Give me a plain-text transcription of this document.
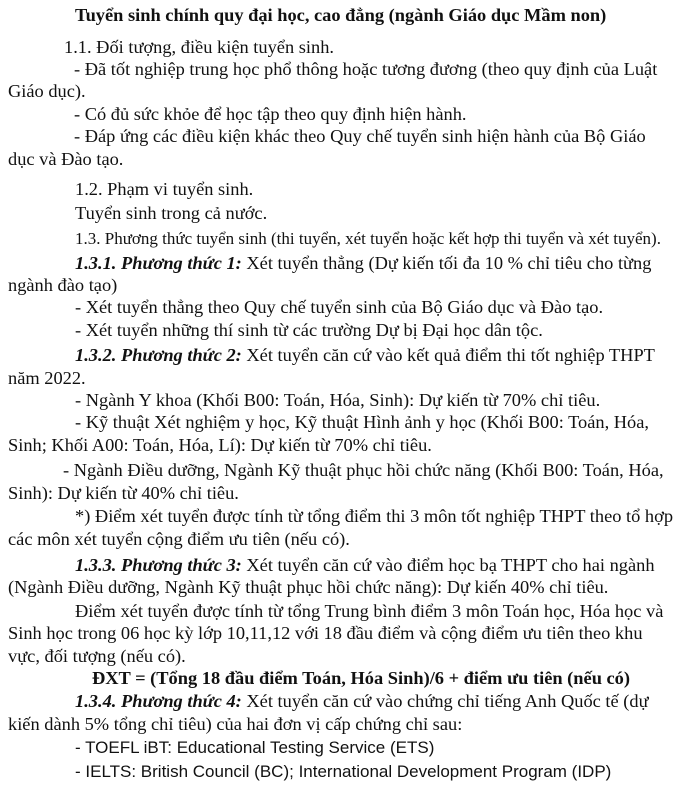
Tuyển sinh chính quy đại học, cao đẳng (ngành Giáo dục Mầm non)
1.1. Đối tượng, điều kiện tuyển sinh.
- Đã tốt nghiệp trung học phổ thông hoặc tương đương (theo quy định của Luật
Giáo dục).
- Có đủ sức khỏe để học tập theo quy định hiện hành.
- Đáp ứng các điều kiện khác theo Quy chế tuyển sinh hiện hành của Bộ Giáo
dục và Đào tạo.
1.2. Phạm vi tuyển sinh.
Tuyển sinh trong cả nước.
1.3. Phương thức tuyển sinh (thi tuyển, xét tuyển hoặc kết hợp thi tuyển và xét tuyển).
1.3.1. Phương thức 1: Xét tuyển thẳng (Dự kiến tối đa 10 % chỉ tiêu cho từng
ngành đào tạo)
- Xét tuyển thẳng theo Quy chế tuyển sinh của Bộ Giáo dục và Đào tạo.
- Xét tuyển những thí sinh từ các trường Dự bị Đại học dân tộc.
1.3.2. Phương thức 2: Xét tuyển căn cứ vào kết quả điểm thi tốt nghiệp THPT
năm 2022.
- Ngành Y khoa (Khối B00: Toán, Hóa, Sinh): Dự kiến từ 70% chỉ tiêu.
- Kỹ thuật Xét nghiệm y học, Kỹ thuật Hình ảnh y học (Khối B00: Toán, Hóa,
Sinh; Khối A00: Toán, Hóa, Lí): Dự kiến từ 70% chỉ tiêu.
- Ngành Điều dưỡng, Ngành Kỹ thuật phục hồi chức năng (Khối B00: Toán, Hóa,
Sinh): Dự kiến từ 40% chỉ tiêu.
*) Điểm xét tuyển được tính từ tổng điểm thi 3 môn tốt nghiệp THPT theo tổ hợp
các môn xét tuyển cộng điểm ưu tiên (nếu có).
1.3.3. Phương thức 3: Xét tuyển căn cứ vào điểm học bạ THPT cho hai ngành
(Ngành Điều dưỡng, Ngành Kỹ thuật phục hồi chức năng): Dự kiến 40% chỉ tiêu.
Điểm xét tuyển được tính từ tổng Trung bình điểm 3 môn Toán học, Hóa học và
Sinh học trong 06 học kỳ lớp 10,11,12 với 18 đầu điểm và cộng điểm ưu tiên theo khu
vực, đối tượng (nếu có).
ĐXT = (Tổng 18 đầu điểm Toán, Hóa Sinh)/6 + điểm ưu tiên (nếu có)
1.3.4. Phương thức 4: Xét tuyển căn cứ vào chứng chỉ tiếng Anh Quốc tế (dự
kiến dành 5% tổng chỉ tiêu) của hai đơn vị cấp chứng chỉ sau:
- TOEFL iBT: Educational Testing Service (ETS)
- IELTS: British Council (BC); International Development Program (IDP)
